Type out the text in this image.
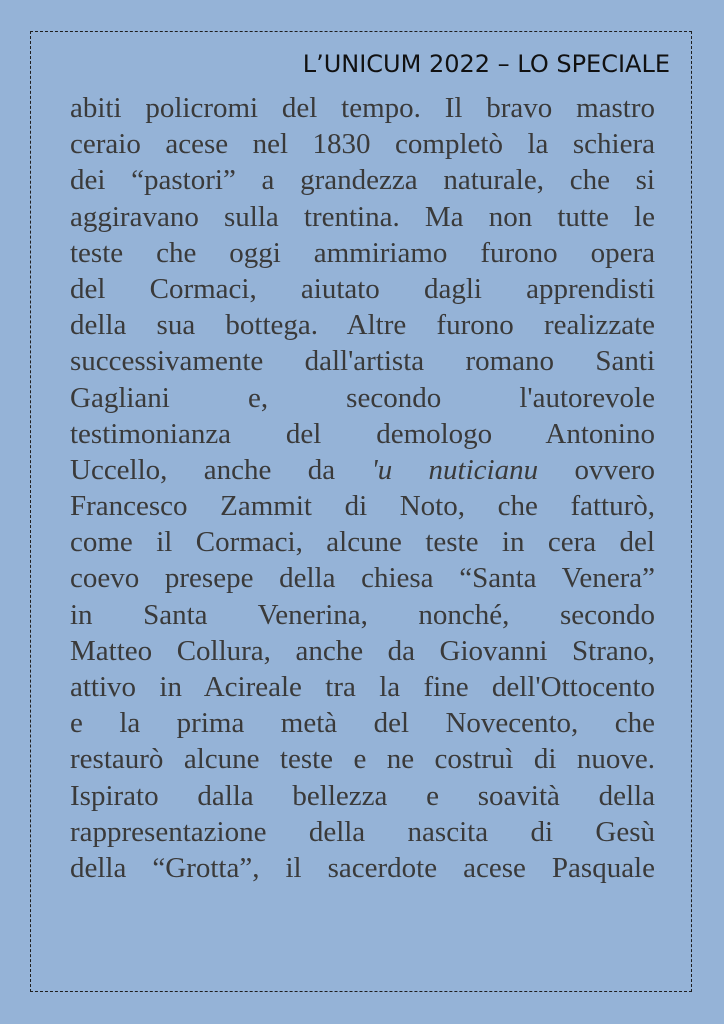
L’UNICUM 2022 – LO SPECIALE
abiti policromi del tempo. Il bravo mastro
ceraio acese nel 1830 completò la schiera
dei “pastori” a grandezza naturale, che si
aggiravano sulla trentina. Ma non tutte le
teste che oggi ammiriamo furono opera
del Cormaci, aiutato dagli apprendisti
della sua bottega. Altre furono realizzate
successivamente dall'artista romano Santi
Gagliani e, secondo l'autorevole
testimonianza del demologo Antonino
Uccello, anche da 'u nuticianu ovvero
Francesco Zammit di Noto, che fatturò,
come il Cormaci, alcune teste in cera del
coevo presepe della chiesa “Santa Venera”
in Santa Venerina, nonché, secondo
Matteo Collura, anche da Giovanni Strano,
attivo in Acireale tra la fine dell'Ottocento
e la prima metà del Novecento, che
restaurò alcune teste e ne costruì di nuove.
Ispirato dalla bellezza e soavità della
rappresentazione della nascita di Gesù
della “Grotta”, il sacerdote acese Pasquale
